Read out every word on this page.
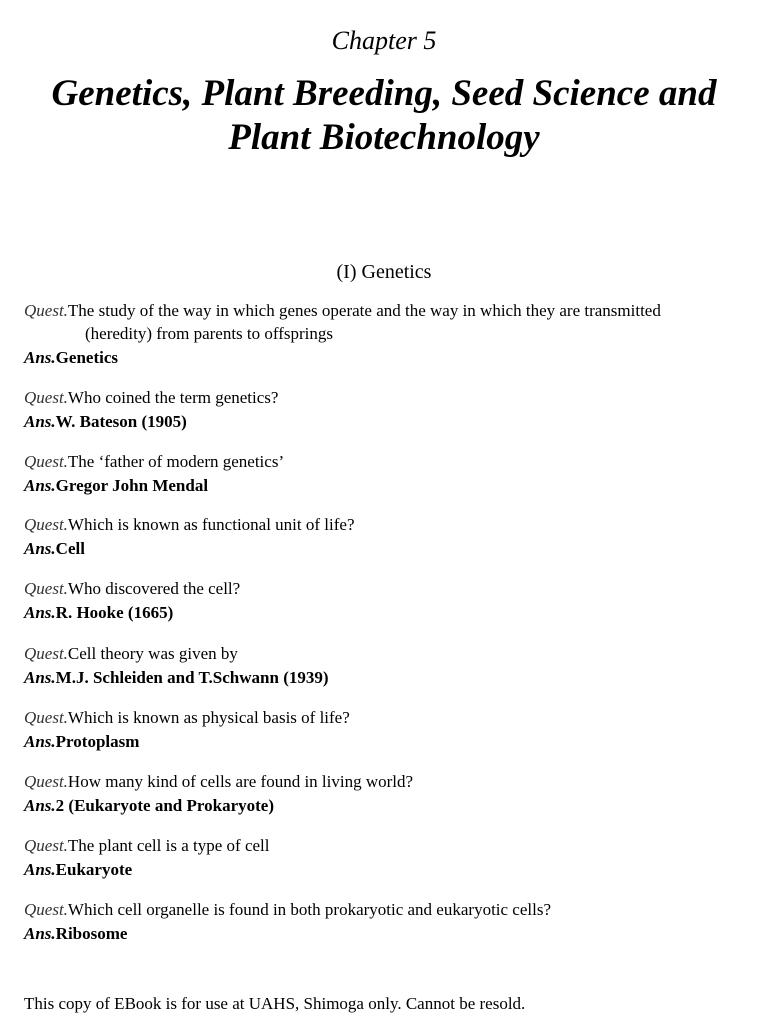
Chapter 5
Genetics, Plant Breeding, Seed Science and
Plant Biotechnology
(I) Genetics
Quest.The study of the way in which genes operate and the way in which they are transmitted
(heredity) from parents to offsprings
Ans.Genetics
Quest.Who coined the term genetics?
Ans.W. Bateson (1905)
Quest.The ‘father of modern genetics’
Ans.Gregor John Mendal
Quest.Which is known as functional unit of life?
Ans.Cell
Quest.Who discovered the cell?
Ans.R. Hooke (1665)
Quest.Cell theory was given by
Ans.M.J. Schleiden and T.Schwann (1939)
Quest.Which is known as physical basis of life?
Ans.Protoplasm
Quest.How many kind of cells are found in living world?
Ans.2 (Eukaryote and Prokaryote)
Quest.The plant cell is a type of cell
Ans.Eukaryote
Quest.Which cell organelle is found in both prokaryotic and eukaryotic cells?
Ans.Ribosome
This copy of EBook is for use at UAHS, Shimoga only. Cannot be resold.
